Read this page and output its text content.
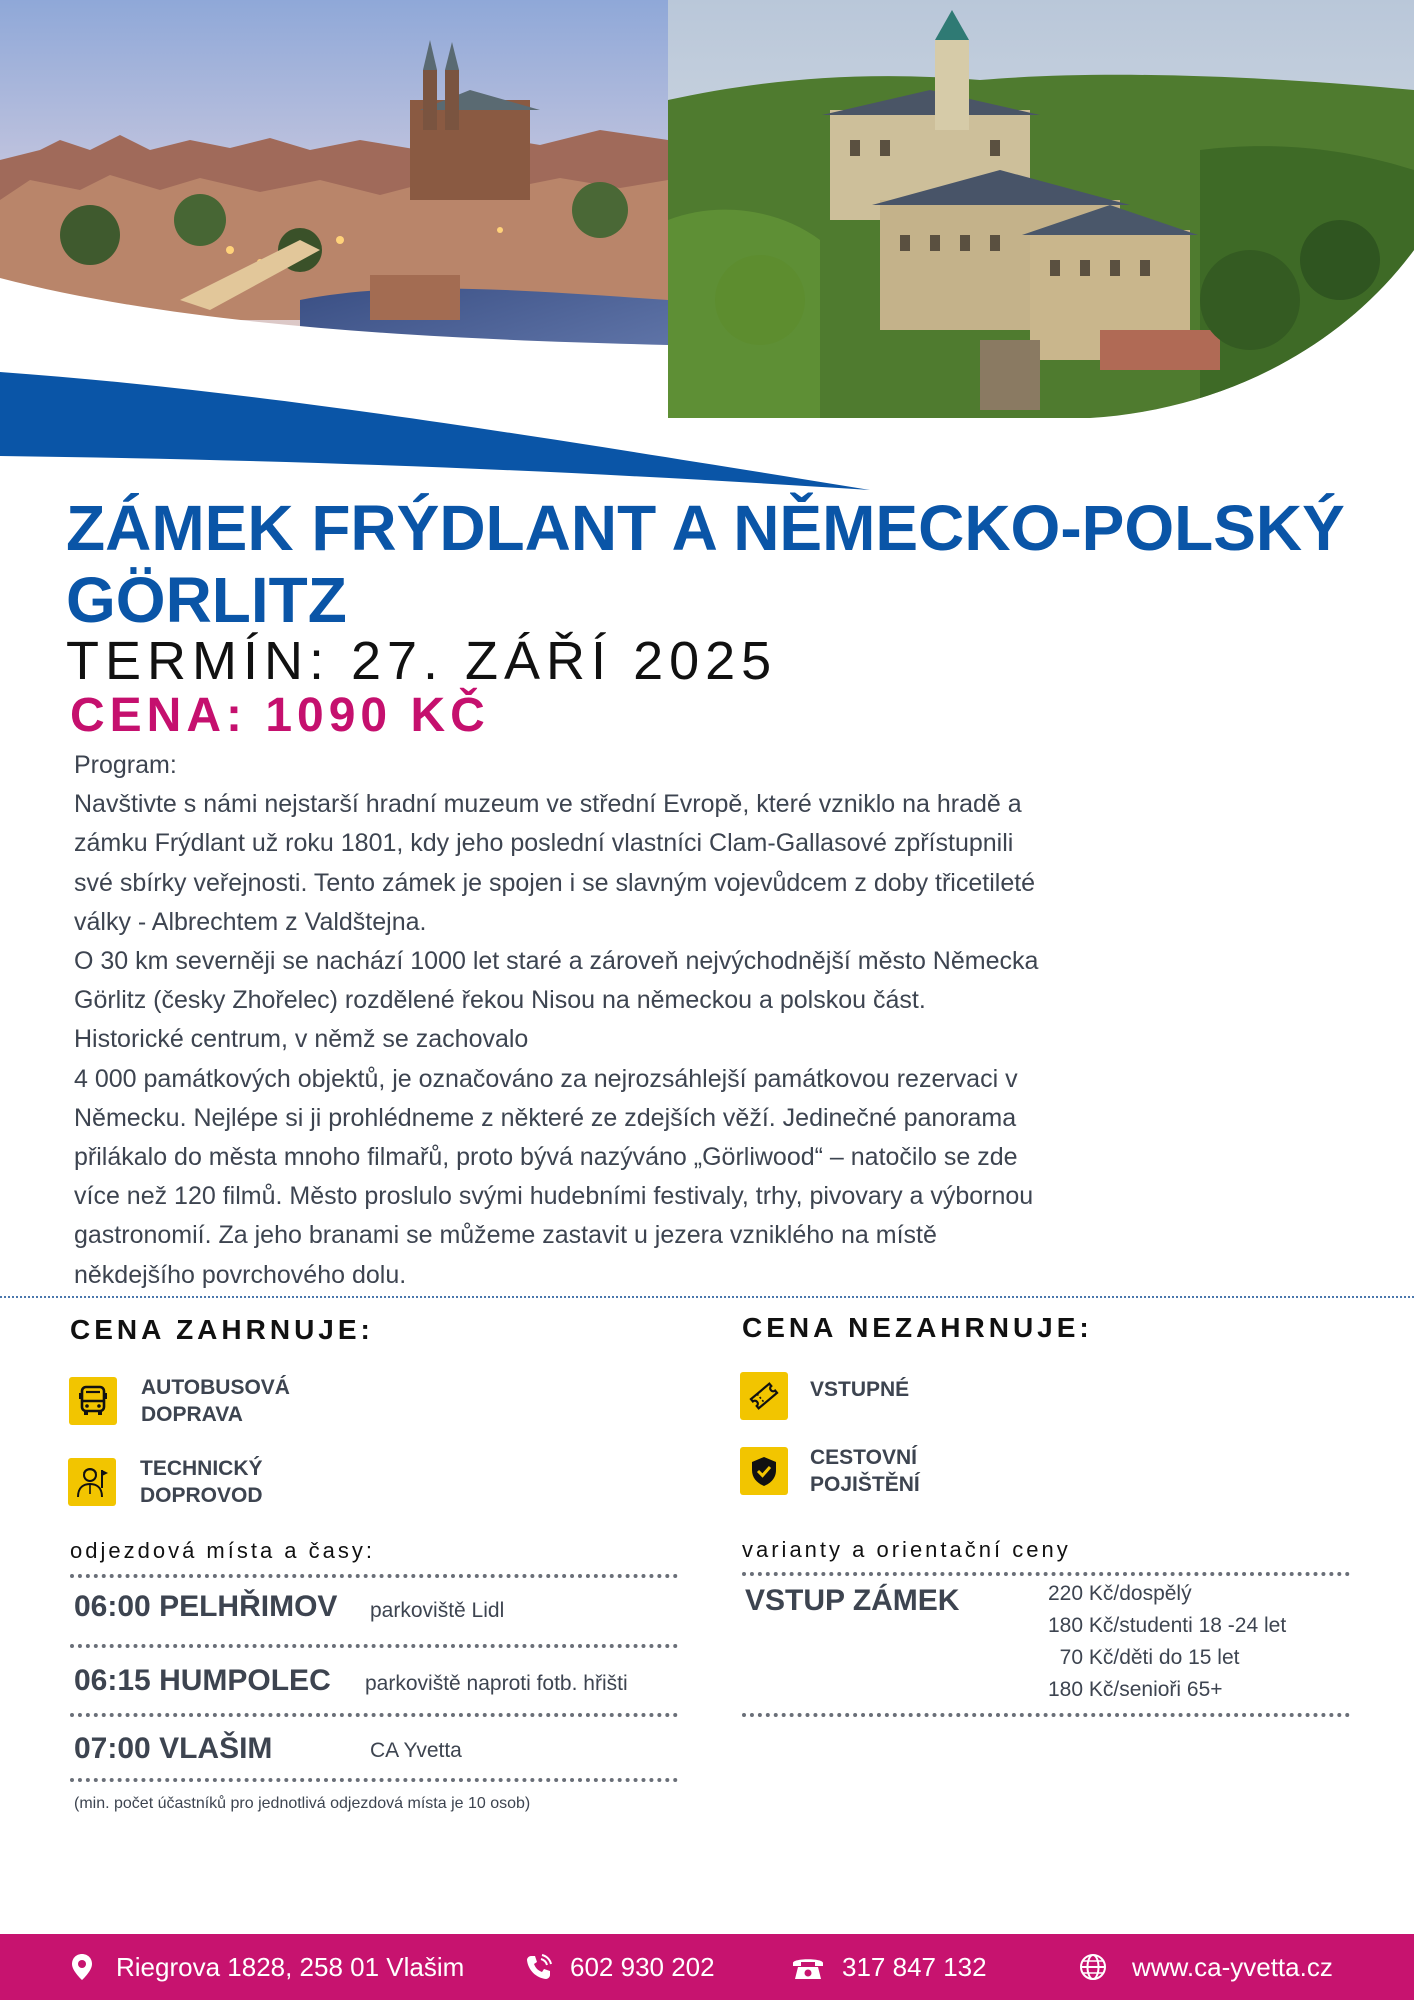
ZÁMEK FRÝDLANT A NĚMECKO-POLSKÝ GÖRLITZ
TERMÍN: 27. ZÁŘÍ 2025
CENA: 1090 KČ

Program:

Navštivte s námi nejstarší hradní muzeum ve střední Evropě, které vzniklo na hradě a
zámku Frýdlant už roku 1801, kdy jeho poslední vlastníci Clam-Gallasové zpřístupnili
své sbírky veřejnosti. Tento zámek je spojen i se slavným vojevůdcem z doby třicetileté
války - Albrechtem z Valdštejna.

O 30 km severněji se nachází 1000 let staré a zároveň nejvýchodnější město Německa
Görlitz (česky Zhořelec) rozdělené řekou Nisou na německou a polskou část.
Historické centrum, v němž se zachovalo
4 000 památkových objektů, je označováno za nejrozsáhlejší památkovou rezervaci v
Německu. Nejlépe si ji prohlédneme z některé ze zdejších věží. Jedinečné panorama
přilákalo do města mnoho filmařů, proto bývá nazýváno „Görliwood“ – natočilo se zde
více než 120 filmů. Město proslulo svými hudebními festivaly, trhy, pivovary a výbornou
gastronomií. Za jeho branami se můžeme zastavit u jezera vzniklého na místě
někdejšího povrchového dolu.

CENA ZAHRNUJE:
AUTOBUSOVÁ
DOPRAVA
TECHNICKÝ
DOPROVOD
CENA NEZAHRNUJE:
VSTUPNÉ
CESTOVNÍ
POJIŠTĚNÍ
odjezdová místa a časy:
06:00 PELHŘIMOV parkoviště Lidl
06:15 HUMPOLEC parkoviště naproti fotb. hřišti
07:00 VLAŠIM	CA Yvetta
(min. počet účastníků pro jednotlivá odjezdová místa je 10 osob)
varianty a orientační ceny
VSTUP ZÁMEK	220 Kč/dospělý
180 Kč/studenti 18 -24 let
70 Kč/děti do 15 let
180 Kč/senioři 65+
Riegrova 1828, 258 01 Vlašim	602 930 202	317 847 132	www.ca-yvetta.cz
